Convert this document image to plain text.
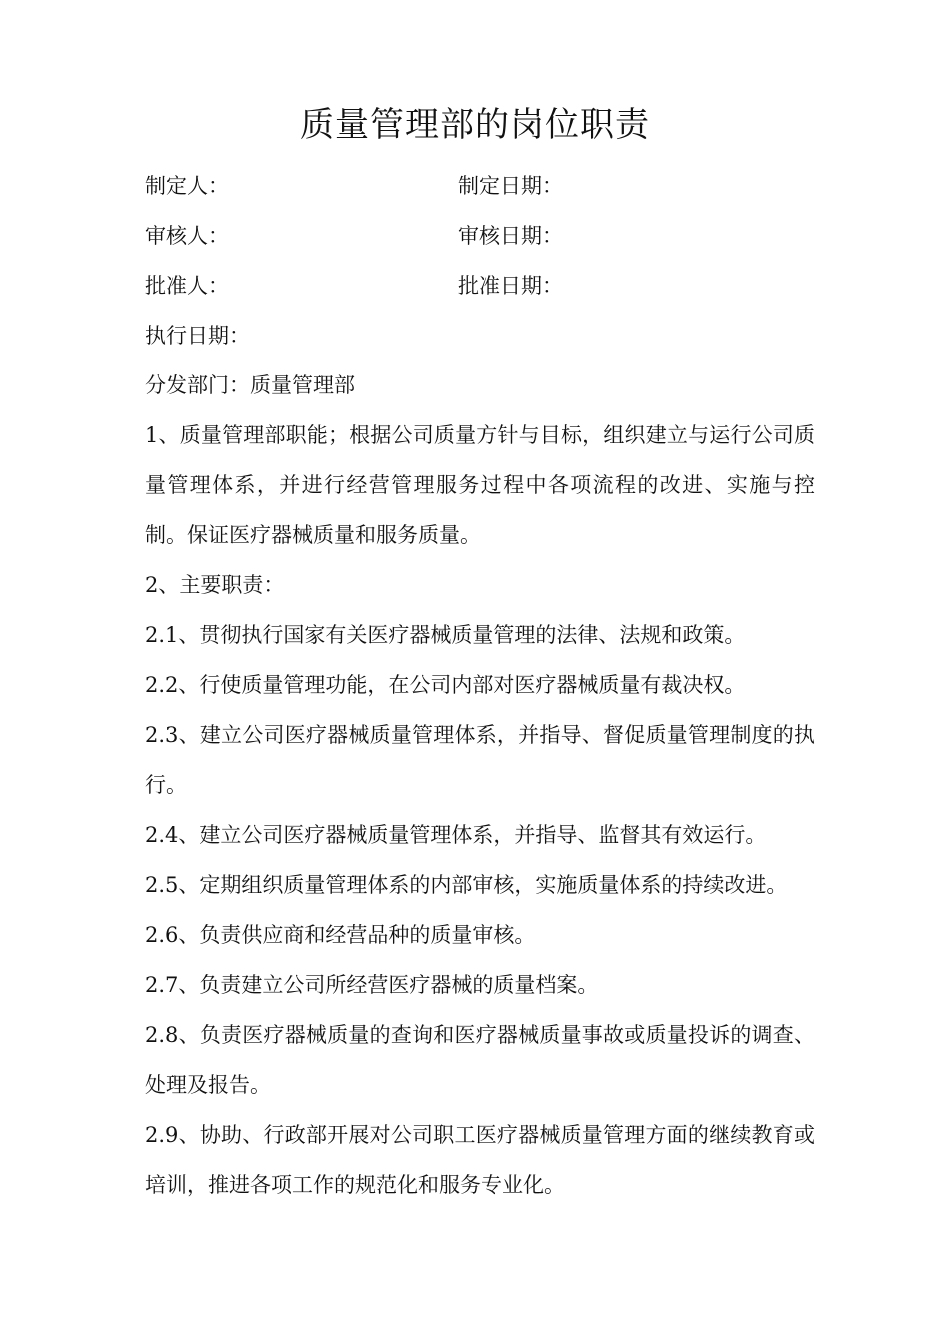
质量管理部的岗位职责
制定人：	制定日期：
审核人：	审核日期：
批准人：	批准日期：
执行日期：
分发部门：质量管理部

1、质量管理部职能；根据公司质量方针与目标，组织建立与运行公司质量管理体系，并进行经营管理服务过程中各项流程的改进、实施与控制。保证医疗器械质量和服务质量。

2、主要职责：

2.1、贯彻执行国家有关医疗器械质量管理的法律、法规和政策。

2.2、行使质量管理功能，在公司内部对医疗器械质量有裁决权。

2.3、建立公司医疗器械质量管理体系，并指导、督促质量管理制度的执行。

2.4、建立公司医疗器械质量管理体系，并指导、监督其有效运行。

2.5、定期组织质量管理体系的内部审核，实施质量体系的持续改进。

2.6、负责供应商和经营品种的质量审核。

2.7、负责建立公司所经营医疗器械的质量档案。

2.8、负责医疗器械质量的查询和医疗器械质量事故或质量投诉的调查、处理及报告。

2.9、协助、行政部开展对公司职工医疗器械质量管理方面的继续教育或培训，推进各项工作的规范化和服务专业化。
